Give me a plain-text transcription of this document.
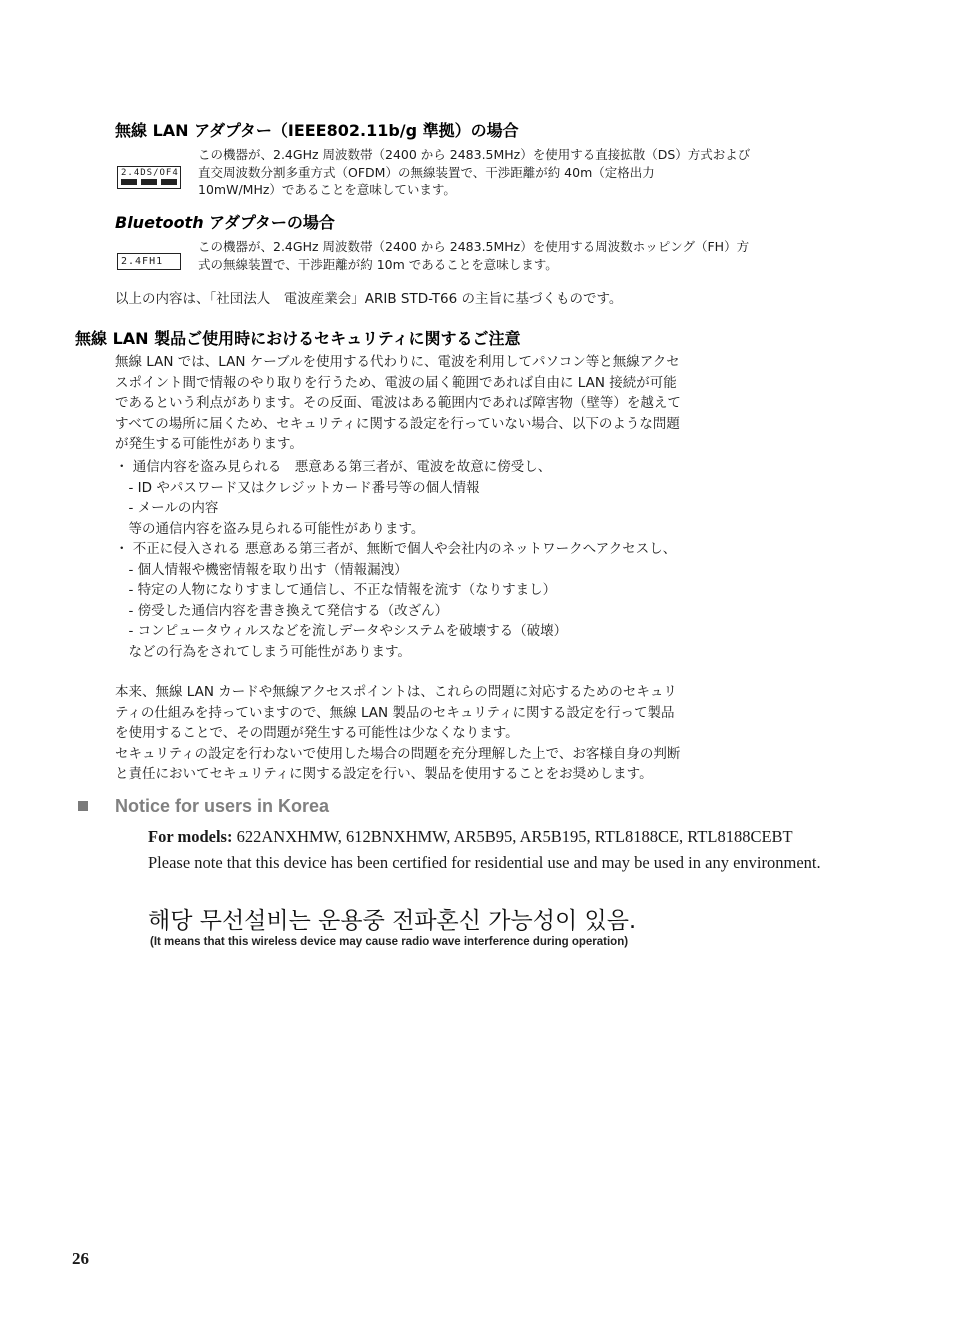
無線 LAN アダプター（IEEE802.11b/g 準拠）の場合
2.4DS/OF4
この機器が、2.4GHz 周波数帯（2400 から 2483.5MHz）を使用する直接拡散（DS）方式および
直交周波数分割多重方式（OFDM）の無線装置で、干渉距離が約 40m（定格出力
10mW/MHz）であることを意味しています。
Bluetooth アダプターの場合
2.4FH1
この機器が、2.4GHz 周波数帯（2400 から 2483.5MHz）を使用する周波数ホッピング（FH）方
式の無線装置で、干渉距離が約 10m であることを意味します。
以上の内容は、「社団法人　電波産業会」ARIB STD-T66 の主旨に基づくものです。
無線 LAN 製品ご使用時におけるセキュリティに関するご注意
無線 LAN では、LAN ケーブルを使用する代わりに、電波を利用してパソコン等と無線アクセ
スポイント間で情報のやり取りを行うため、電波の届く範囲であれば自由に LAN 接続が可能
であるという利点があります。その反面、電波はある範囲内であれば障害物（壁等）を越えて
すべての場所に届くため、セキュリティに関する設定を行っていない場合、以下のような問題
が発生する可能性があります。
・ 通信内容を盗み見られる　悪意ある第三者が、電波を故意に傍受し、
　- ID やパスワード又はクレジットカード番号等の個人情報
　- メールの内容
　等の通信内容を盗み見られる可能性があります。
・ 不正に侵入される 悪意ある第三者が、無断で個人や会社内のネットワークへアクセスし、
　- 個人情報や機密情報を取り出す（情報漏洩）
　- 特定の人物になりすまして通信し、不正な情報を流す（なりすまし）
　- 傍受した通信内容を書き換えて発信する（改ざん）
　- コンピュータウィルスなどを流しデータやシステムを破壊する（破壊）
　などの行為をされてしまう可能性があります。
本来、無線 LAN カードや無線アクセスポイントは、これらの問題に対応するためのセキュリ
ティの仕組みを持っていますので、無線 LAN 製品のセキュリティに関する設定を行って製品
を使用することで、その問題が発生する可能性は少なくなります。
セキュリティの設定を行わないで使用した場合の問題を充分理解した上で、お客様自身の判断
と責任においてセキュリティに関する設定を行い、製品を使用することをお奨めします。
Notice for users in Korea
For models: 622ANXHMW, 612BNXHMW, AR5B95, AR5B195, RTL8188CE, RTL8188CEBT
Please note that this device has been certified for residential use and may be used in any environment.
해당 무선설비는 운용중 전파혼신 가능성이 있음.
(It means that this wireless device may cause radio wave interference during operation)
26
